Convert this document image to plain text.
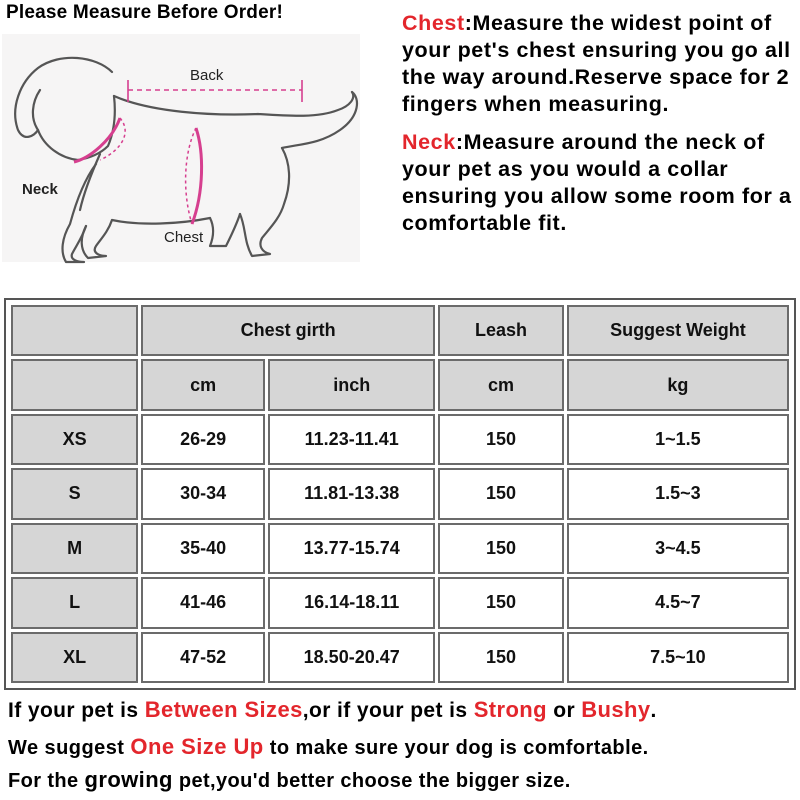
Please Measure Before Order!
Back
Neck
Chest
Chest:Measure the widest point of your pet's chest ensuring you go all the way around.Reserve space for 2 fingers when measuring.
Neck:Measure around the neck of your pet as you would a collar ensuring you allow some room for a comfortable fit.
	Chest girth		Leash	Suggest Weight
	cm	inch	cm	kg
XS	26-29	11.23-11.41	150	1~1.5
S	30-34	11.81-13.38	150	1.5~3
M	35-40	13.77-15.74	150	3~4.5
L	41-46	16.14-18.11	150	4.5~7
XL	47-52	18.50-20.47	150	7.5~10
If your pet is Between Sizes,or if your pet is Strong or Bushy.
We suggest One Size Up to make sure your dog is comfortable.
For the growing pet,you'd better choose the bigger size.
